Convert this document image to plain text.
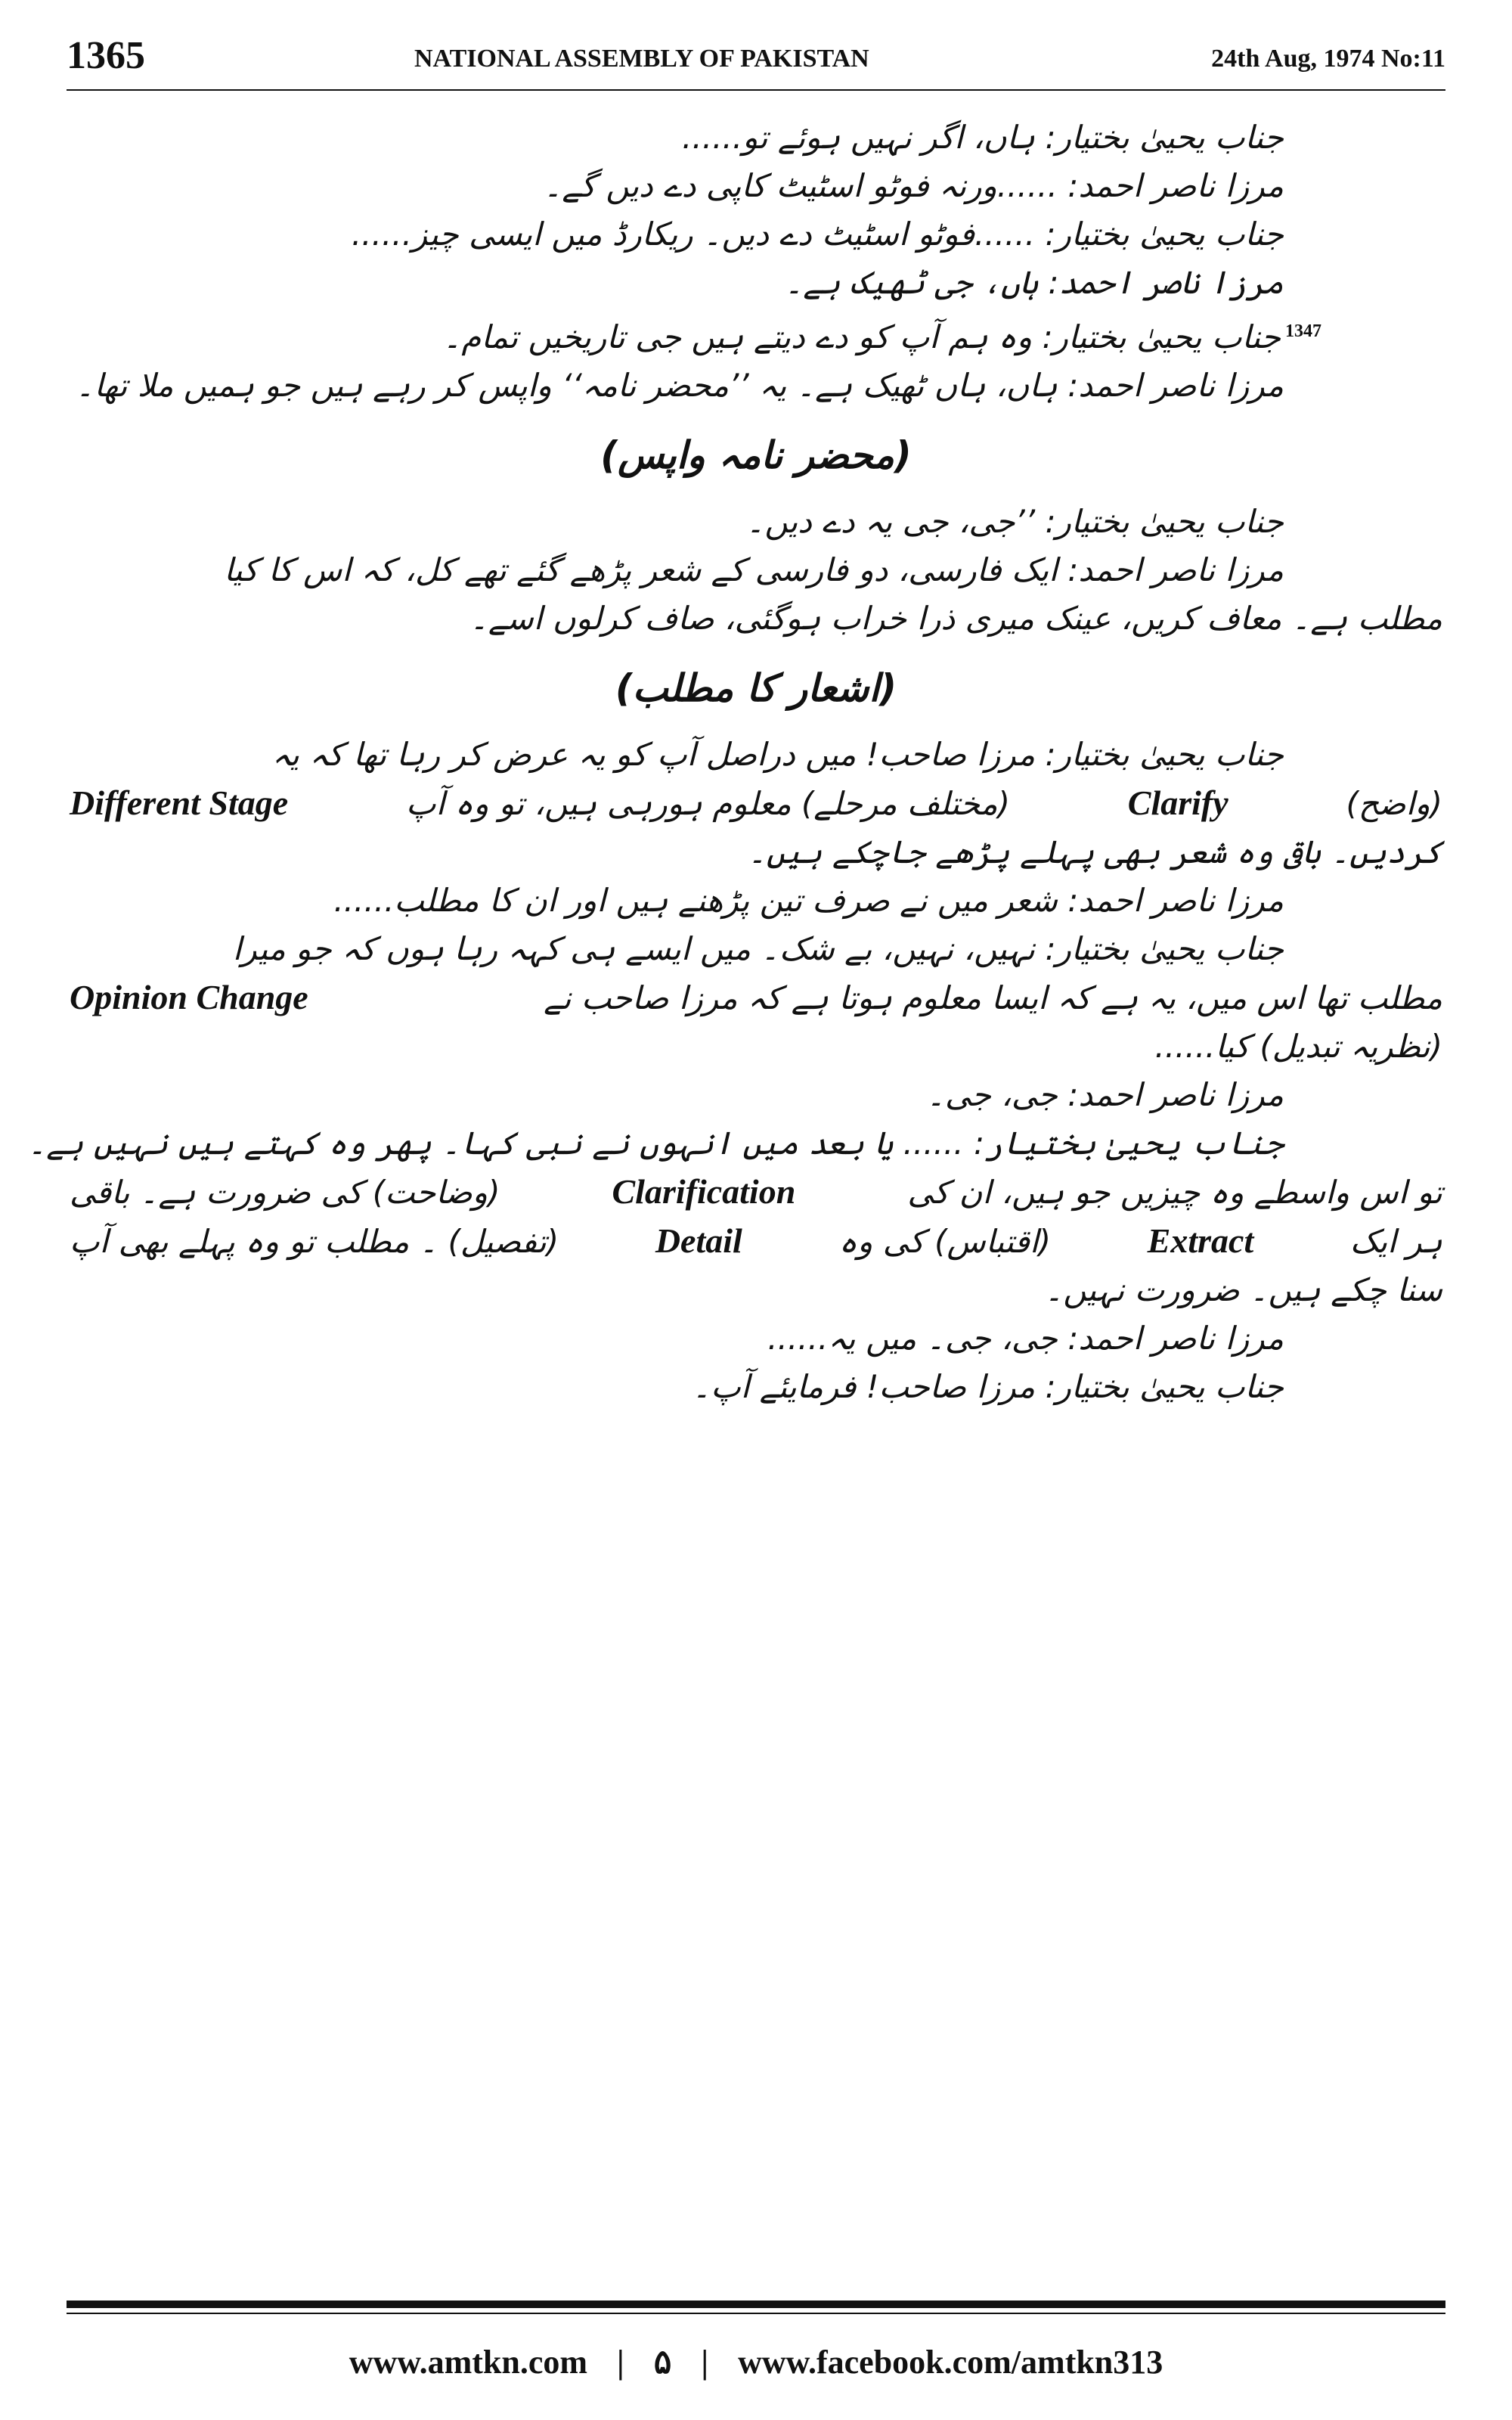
1365	NATIONAL ASSEMBLY OF PAKISTAN	24th Aug, 1974 No:11
جناب یحییٰ بختیار: ہاں، اگر نہیں ہوئے تو......
مرزا ناصر احمد: ......ورنہ فوٹو اسٹیٹ کاپی دے دیں گے۔
جناب یحییٰ بختیار: ......فوٹو اسٹیٹ دے دیں۔ ریکارڈ میں ایسی چیز......
مرزا ناصر احمد: ہاں، جی ٹھیک ہے۔
$^{1347}$جناب یحییٰ بختیار: وہ ہم آپ کو دے دیتے ہیں جی تاریخیں تمام۔
مرزا ناصر احمد: ہاں، ہاں ٹھیک ہے۔ یہ ’’محضر نامہ‘‘ واپس کر رہے ہیں جو ہمیں ملا تھا۔
(محضر نامہ واپس)
جناب یحییٰ بختیار: ’’جی، جی یہ دے دیں۔
مرزا ناصر احمد: ایک فارسی، دو فارسی کے شعر پڑھے گئے تھے کل، کہ اس کا کیا
مطلب ہے۔ معاف کریں، عینک میری ذرا خراب ہوگئی، صاف کرلوں اسے۔
(اشعار کا مطلب)
جناب یحییٰ بختیار: مرزا صاحب! میں دراصل آپ کو یہ عرض کر رہا تھا کہ یہ
(واضح)
Clarify
(مختلف مرحلے) معلوم ہورہی ہیں، تو وہ آپ
Different Stage
کردیں۔ باقی وہ شعر بھی پہلے پڑھے جاچکے ہیں۔
مرزا ناصر احمد: شعر میں نے صرف تین پڑھنے ہیں اور ان کا مطلب......
جناب یحییٰ بختیار: نہیں، نہیں، بے شک۔ میں ایسے ہی کہہ رہا ہوں کہ جو میرا
مطلب تھا اس میں، یہ ہے کہ ایسا معلوم ہوتا ہے کہ مرزا صاحب نے
Opinion Change
(نظریہ تبدیل) کیا......
مرزا ناصر احمد: جی، جی۔
جناب یحییٰ بختیار: ...... یا بعد میں انہوں نے نبی کہا۔ پھر وہ کہتے ہیں نہیں ہے۔
تو اس واسطے وہ چیزیں جو ہیں، ان کی
Clarification
(وضاحت) کی ضرورت ہے۔ باقی
ہر ایک
Extract
(اقتباس) کی وہ
Detail
(تفصیل) ۔ مطلب تو وہ پہلے بھی آپ
سنا چکے ہیں۔ ضرورت نہیں۔
مرزا ناصر احمد: جی، جی۔ میں یہ......
جناب یحییٰ بختیار: مرزا صاحب! فرمایئے آپ۔
www.amtkn.com | ۵ | www.facebook.com/amtkn313
